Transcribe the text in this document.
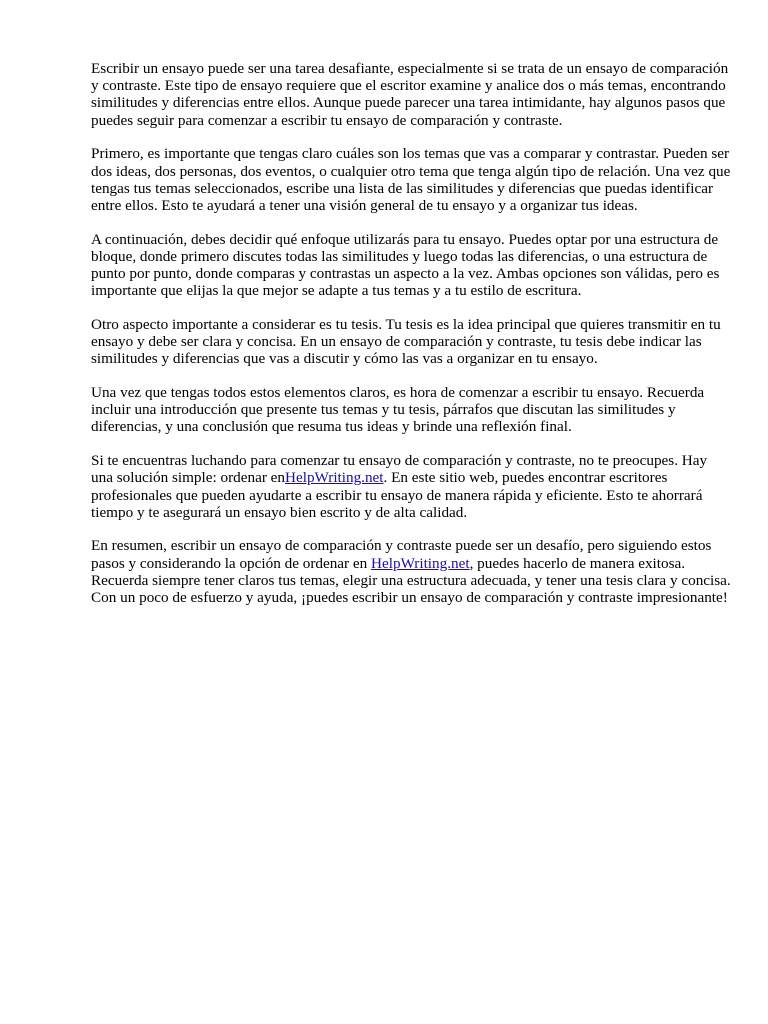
Escribir un ensayo puede ser una tarea desafiante, especialmente si se trata de un ensayo de comparación y contraste. Este tipo de ensayo requiere que el escritor examine y analice dos o más temas, encontrando similitudes y diferencias entre ellos. Aunque puede parecer una tarea intimidante, hay algunos pasos que puedes seguir para comenzar a escribir tu ensayo de comparación y contraste.

Primero, es importante que tengas claro cuáles son los temas que vas a comparar y contrastar. Pueden ser dos ideas, dos personas, dos eventos, o cualquier otro tema que tenga algún tipo de relación. Una vez que tengas tus temas seleccionados, escribe una lista de las similitudes y diferencias que puedas identificar entre ellos. Esto te ayudará a tener una visión general de tu ensayo y a organizar tus ideas.

A continuación, debes decidir qué enfoque utilizarás para tu ensayo. Puedes optar por una estructura de bloque, donde primero discutes todas las similitudes y luego todas las diferencias, o una estructura de punto por punto, donde comparas y contrastas un aspecto a la vez. Ambas opciones son válidas, pero es importante que elijas la que mejor se adapte a tus temas y a tu estilo de escritura.

Otro aspecto importante a considerar es tu tesis. Tu tesis es la idea principal que quieres transmitir en tu ensayo y debe ser clara y concisa. En un ensayo de comparación y contraste, tu tesis debe indicar las similitudes y diferencias que vas a discutir y cómo las vas a organizar en tu ensayo.

Una vez que tengas todos estos elementos claros, es hora de comenzar a escribir tu ensayo. Recuerda incluir una introducción que presente tus temas y tu tesis, párrafos que discutan las similitudes y diferencias, y una conclusión que resuma tus ideas y brinde una reflexión final.

Si te encuentras luchando para comenzar tu ensayo de comparación y contraste, no te preocupes. Hay una solución simple: ordenar enHelpWriting.net. En este sitio web, puedes encontrar escritores profesionales que pueden ayudarte a escribir tu ensayo de manera rápida y eficiente. Esto te ahorrará tiempo y te asegurará un ensayo bien escrito y de alta calidad.

En resumen, escribir un ensayo de comparación y contraste puede ser un desafío, pero siguiendo estos pasos y considerando la opción de ordenar en HelpWriting.net, puedes hacerlo de manera exitosa. Recuerda siempre tener claros tus temas, elegir una estructura adecuada, y tener una tesis clara y concisa. Con un poco de esfuerzo y ayuda, ¡puedes escribir un ensayo de comparación y contraste impresionante!
